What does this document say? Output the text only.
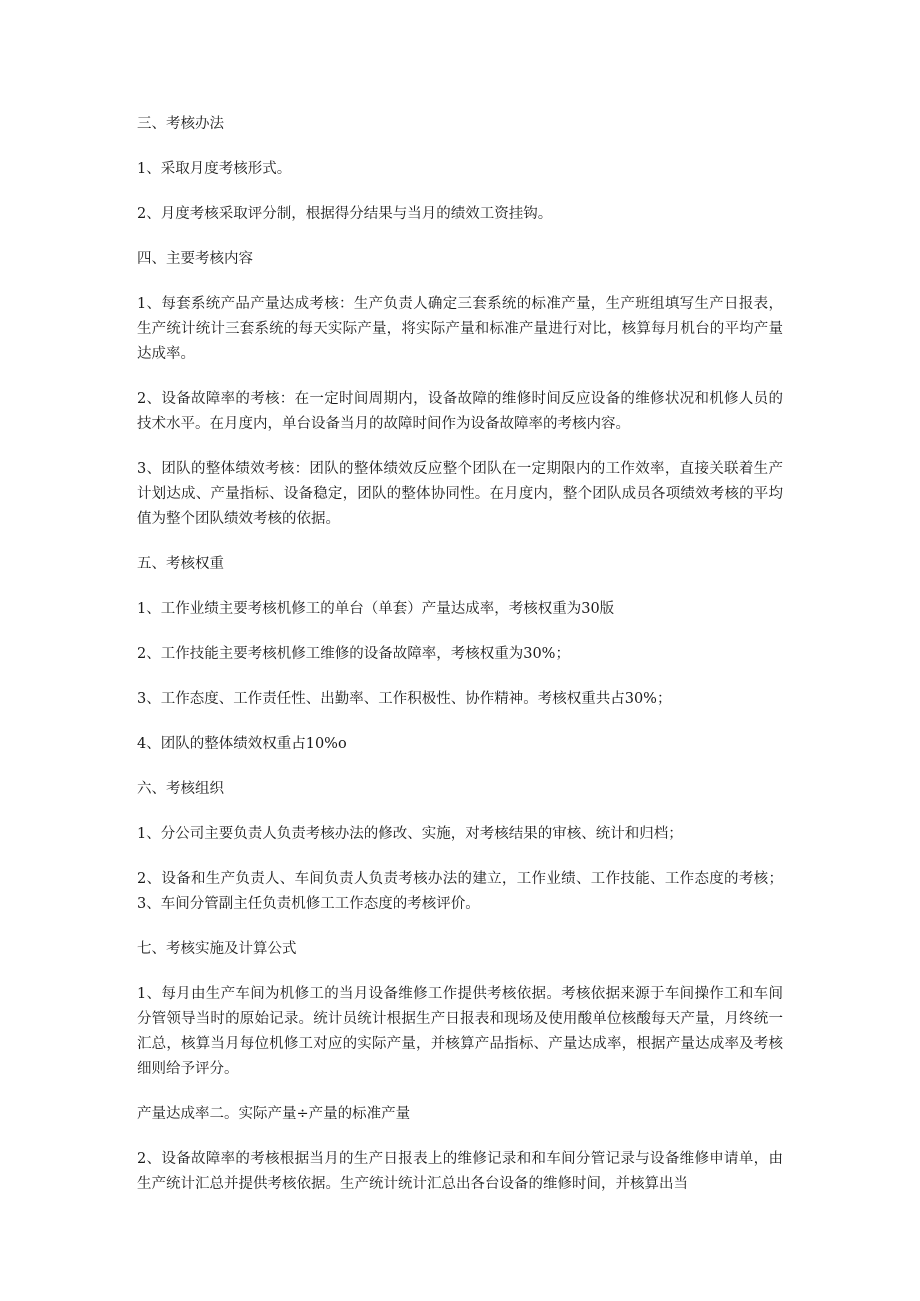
三、考核办法

1、采取月度考核形式。

2、月度考核采取评分制，根据得分结果与当月的绩效工资挂钩。

四、主要考核内容

1、每套系统产品产量达成考核：生产负责人确定三套系统的标准产量，生产班组填写生产日报表，生产统计统计三套系统的每天实际产量，将实际产量和标准产量进行对比，核算每月机台的平均产量达成率。

2、设备故障率的考核：在一定时间周期内，设备故障的维修时间反应设备的维修状况和机修人员的技术水平。在月度内，单台设备当月的故障时间作为设备故障率的考核内容。

3、团队的整体绩效考核：团队的整体绩效反应整个团队在一定期限内的工作效率，直接关联着生产计划达成、产量指标、设备稳定，团队的整体协同性。在月度内，整个团队成员各项绩效考核的平均值为整个团队绩效考核的依据。

五、考核权重

1、工作业绩主要考核机修工的单台（单套）产量达成率，考核权重为30版

2、工作技能主要考核机修工维修的设备故障率，考核权重为30%；

3、工作态度、工作责任性、出勤率、工作积极性、协作精神。考核权重共占30%；

4、团队的整体绩效权重占10%o

六、考核组织

1、分公司主要负责人负责考核办法的修改、实施，对考核结果的审核、统计和归档；

2、设备和生产负责人、车间负责人负责考核办法的建立，工作业绩、工作技能、工作态度的考核；3、车间分管副主任负责机修工工作态度的考核评价。

七、考核实施及计算公式

1、每月由生产车间为机修工的当月设备维修工作提供考核依据。考核依据来源于车间操作工和车间分管领导当时的原始记录。统计员统计根据生产日报表和现场及使用酸单位核酸每天产量，月终统一汇总，核算当月每位机修工对应的实际产量，并核算产品指标、产量达成率，根据产量达成率及考核细则给予评分。

产量达成率二。实际产量÷产量的标准产量

2、设备故障率的考核根据当月的生产日报表上的维修记录和和车间分管记录与设备维修申请单，由生产统计汇总并提供考核依据。生产统计统计汇总出各台设备的维修时间，并核算出当
